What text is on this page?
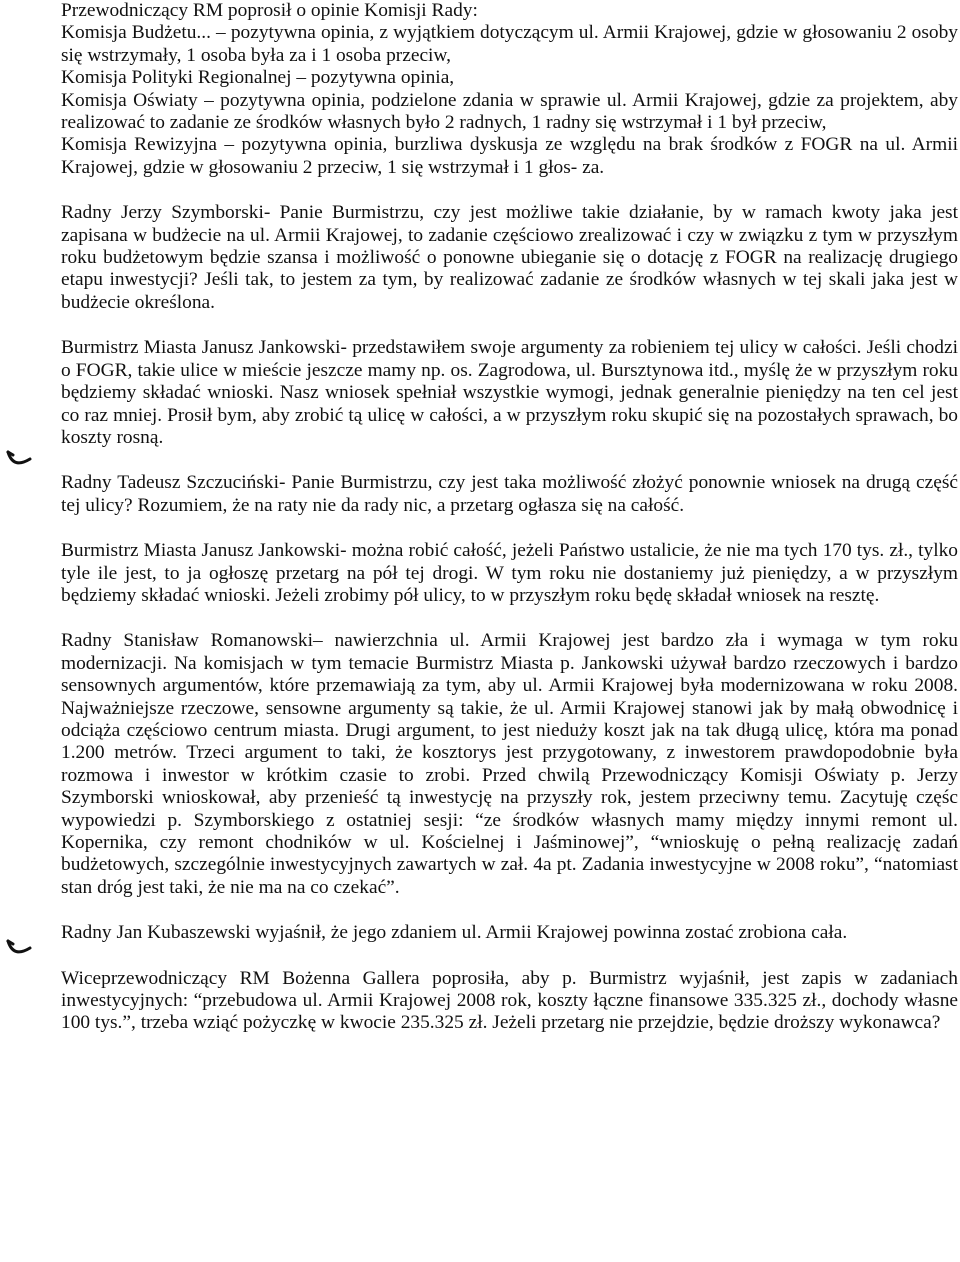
Przewodniczący RM poprosił o opinie Komisji Rady:

Komisja Budżetu... – pozytywna opinia, z wyjątkiem dotyczącym ul. Armii Krajowej, gdzie w głosowaniu 2 osoby się wstrzymały, 1 osoba była za i 1 osoba przeciw,

Komisja Polityki Regionalnej – pozytywna opinia,

Komisja Oświaty – pozytywna opinia, podzielone zdania w sprawie ul. Armii Krajowej, gdzie za projektem, aby realizować to zadanie ze środków własnych było 2 radnych, 1 radny się wstrzymał i 1 był przeciw,

Komisja Rewizyjna – pozytywna opinia, burzliwa dyskusja ze względu na brak środków z FOGR na ul. Armii Krajowej, gdzie w głosowaniu 2 przeciw, 1 się wstrzymał i 1 głos- za.

Radny Jerzy Szymborski- Panie Burmistrzu, czy jest możliwe takie działanie, by w ramach kwoty jaka jest zapisana w budżecie na ul. Armii Krajowej, to zadanie częściowo zrealizować i czy w związku z tym w przyszłym roku budżetowym będzie szansa i możliwość o ponowne ubieganie się o dotację z FOGR na realizację drugiego etapu inwestycji? Jeśli tak, to jestem za tym, by realizować zadanie ze środków własnych w tej skali jaka jest w budżecie określona.

Burmistrz Miasta Janusz Jankowski- przedstawiłem swoje argumenty za robieniem tej ulicy w całości. Jeśli chodzi o FOGR, takie ulice w mieście jeszcze mamy np. os. Zagrodowa, ul. Bursztynowa itd., myślę że w przyszłym roku będziemy składać wnioski. Nasz wniosek spełniał wszystkie wymogi, jednak generalnie pieniędzy na ten cel jest co raz mniej. Prosił bym, aby zrobić tą ulicę w całości, a w przyszłym roku skupić się na pozostałych sprawach, bo koszty rosną.

Radny Tadeusz Szczuciński- Panie Burmistrzu, czy jest taka możliwość złożyć ponownie wniosek na drugą część tej ulicy? Rozumiem, że na raty nie da rady nic, a przetarg ogłasza się na całość.

Burmistrz Miasta Janusz Jankowski- można robić całość, jeżeli Państwo ustalicie, że nie ma tych 170 tys. zł., tylko tyle ile jest, to ja ogłoszę przetarg na pół tej drogi. W tym roku nie dostaniemy już pieniędzy, a w przyszłym będziemy składać wnioski. Jeżeli zrobimy pół ulicy, to w przyszłym roku będę składał wniosek na resztę.

Radny Stanisław Romanowski– nawierzchnia ul. Armii Krajowej jest bardzo zła i wymaga w tym roku modernizacji. Na komisjach w tym temacie Burmistrz Miasta p. Jankowski używał bardzo rzeczowych i bardzo sensownych argumentów, które przemawiają za tym, aby ul. Armii Krajowej była modernizowana w roku 2008. Najważniejsze rzeczowe, sensowne argumenty są takie, że ul. Armii Krajowej stanowi jak by małą obwodnicę i odciąża częściowo centrum miasta. Drugi argument, to jest nieduży koszt jak na tak długą ulicę, która ma ponad 1.200 metrów. Trzeci argument to taki, że kosztorys jest przygotowany, z inwestorem prawdopodobnie była rozmowa i inwestor w krótkim czasie to zrobi. Przed chwilą Przewodniczący Komisji Oświaty p. Jerzy Szymborski wnioskował, aby przenieść tą inwestycję na przyszły rok, jestem przeciwny temu. Zacytuję częśc wypowiedzi p. Szymborskiego z ostatniej sesji: “ze środków własnych mamy między innymi remont ul. Kopernika, czy remont chodników w ul. Kościelnej i Jaśminowej”, “wnioskuję o pełną realizację zadań budżetowych, szczególnie inwestycyjnych zawartych w zał. 4a pt. Zadania inwestycyjne w 2008 roku”, “natomiast stan dróg jest taki, że nie ma na co czekać”.

Radny Jan Kubaszewski wyjaśnił, że jego zdaniem ul. Armii Krajowej powinna zostać zrobiona cała.

Wiceprzewodniczący RM Bożenna Gallera poprosiła, aby p. Burmistrz wyjaśnił, jest zapis w zadaniach inwestycyjnych: “przebudowa ul. Armii Krajowej 2008 rok, koszty łączne finansowe 335.325 zł., dochody własne 100 tys.”, trzeba wziąć pożyczkę w kwocie 235.325 zł. Jeżeli przetarg nie przejdzie, będzie droższy wykonawca?
